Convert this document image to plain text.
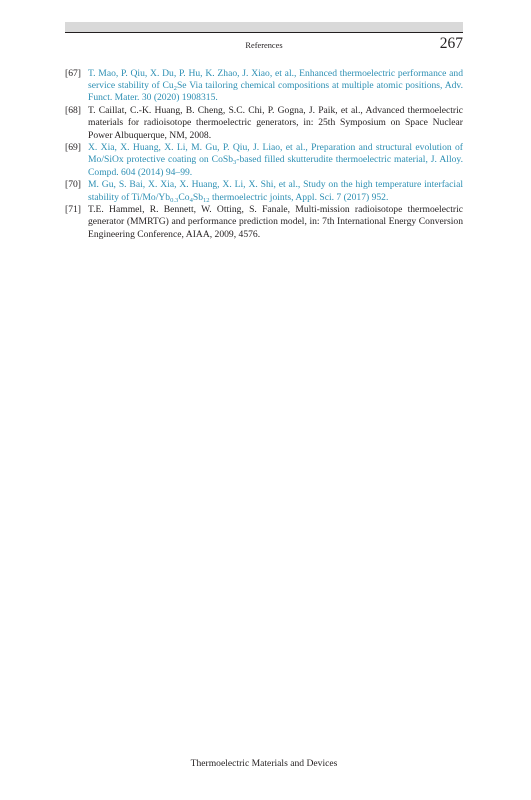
References	267
[67] T. Mao, P. Qiu, X. Du, P. Hu, K. Zhao, J. Xiao, et al., Enhanced thermoelectric performance and service stability of $Cu_2Se$ Via tailoring chemical compositions at multiple atomic positions, Adv. Funct. Mater. 30 (2020) 1908315.
[68] T. Caillat, C.-K. Huang, B. Cheng, S.C. Chi, P. Gogna, J. Paik, et al., Advanced thermoelectric materials for radioisotope thermoelectric generators, in: 25th Symposium on Space Nuclear Power Albuquerque, NM, 2008.
[69] X. Xia, X. Huang, X. Li, M. Gu, P. Qiu, J. Liao, et al., Preparation and structural evolution of Mo/SiOx protective coating on CoSb$_3$-based filled skutterudite thermoelectric material, J. Alloy. Compd. 604 (2014) 94–99.
[70] M. Gu, S. Bai, X. Xia, X. Huang, X. Li, X. Shi, et al., Study on the high temperature interfacial stability of $Ti/Mo/Yb_{0.3}Co_4Sb_{12}$ thermoelectric joints, Appl. Sci. 7 (2017) 952.
[71] T.E. Hammel, R. Bennett, W. Otting, S. Fanale, Multi-mission radioisotope thermoelectric generator (MMRTG) and performance prediction model, in: 7th International Energy Conversion Engineering Conference, AIAA, 2009, 4576.
Thermoelectric Materials and Devices
